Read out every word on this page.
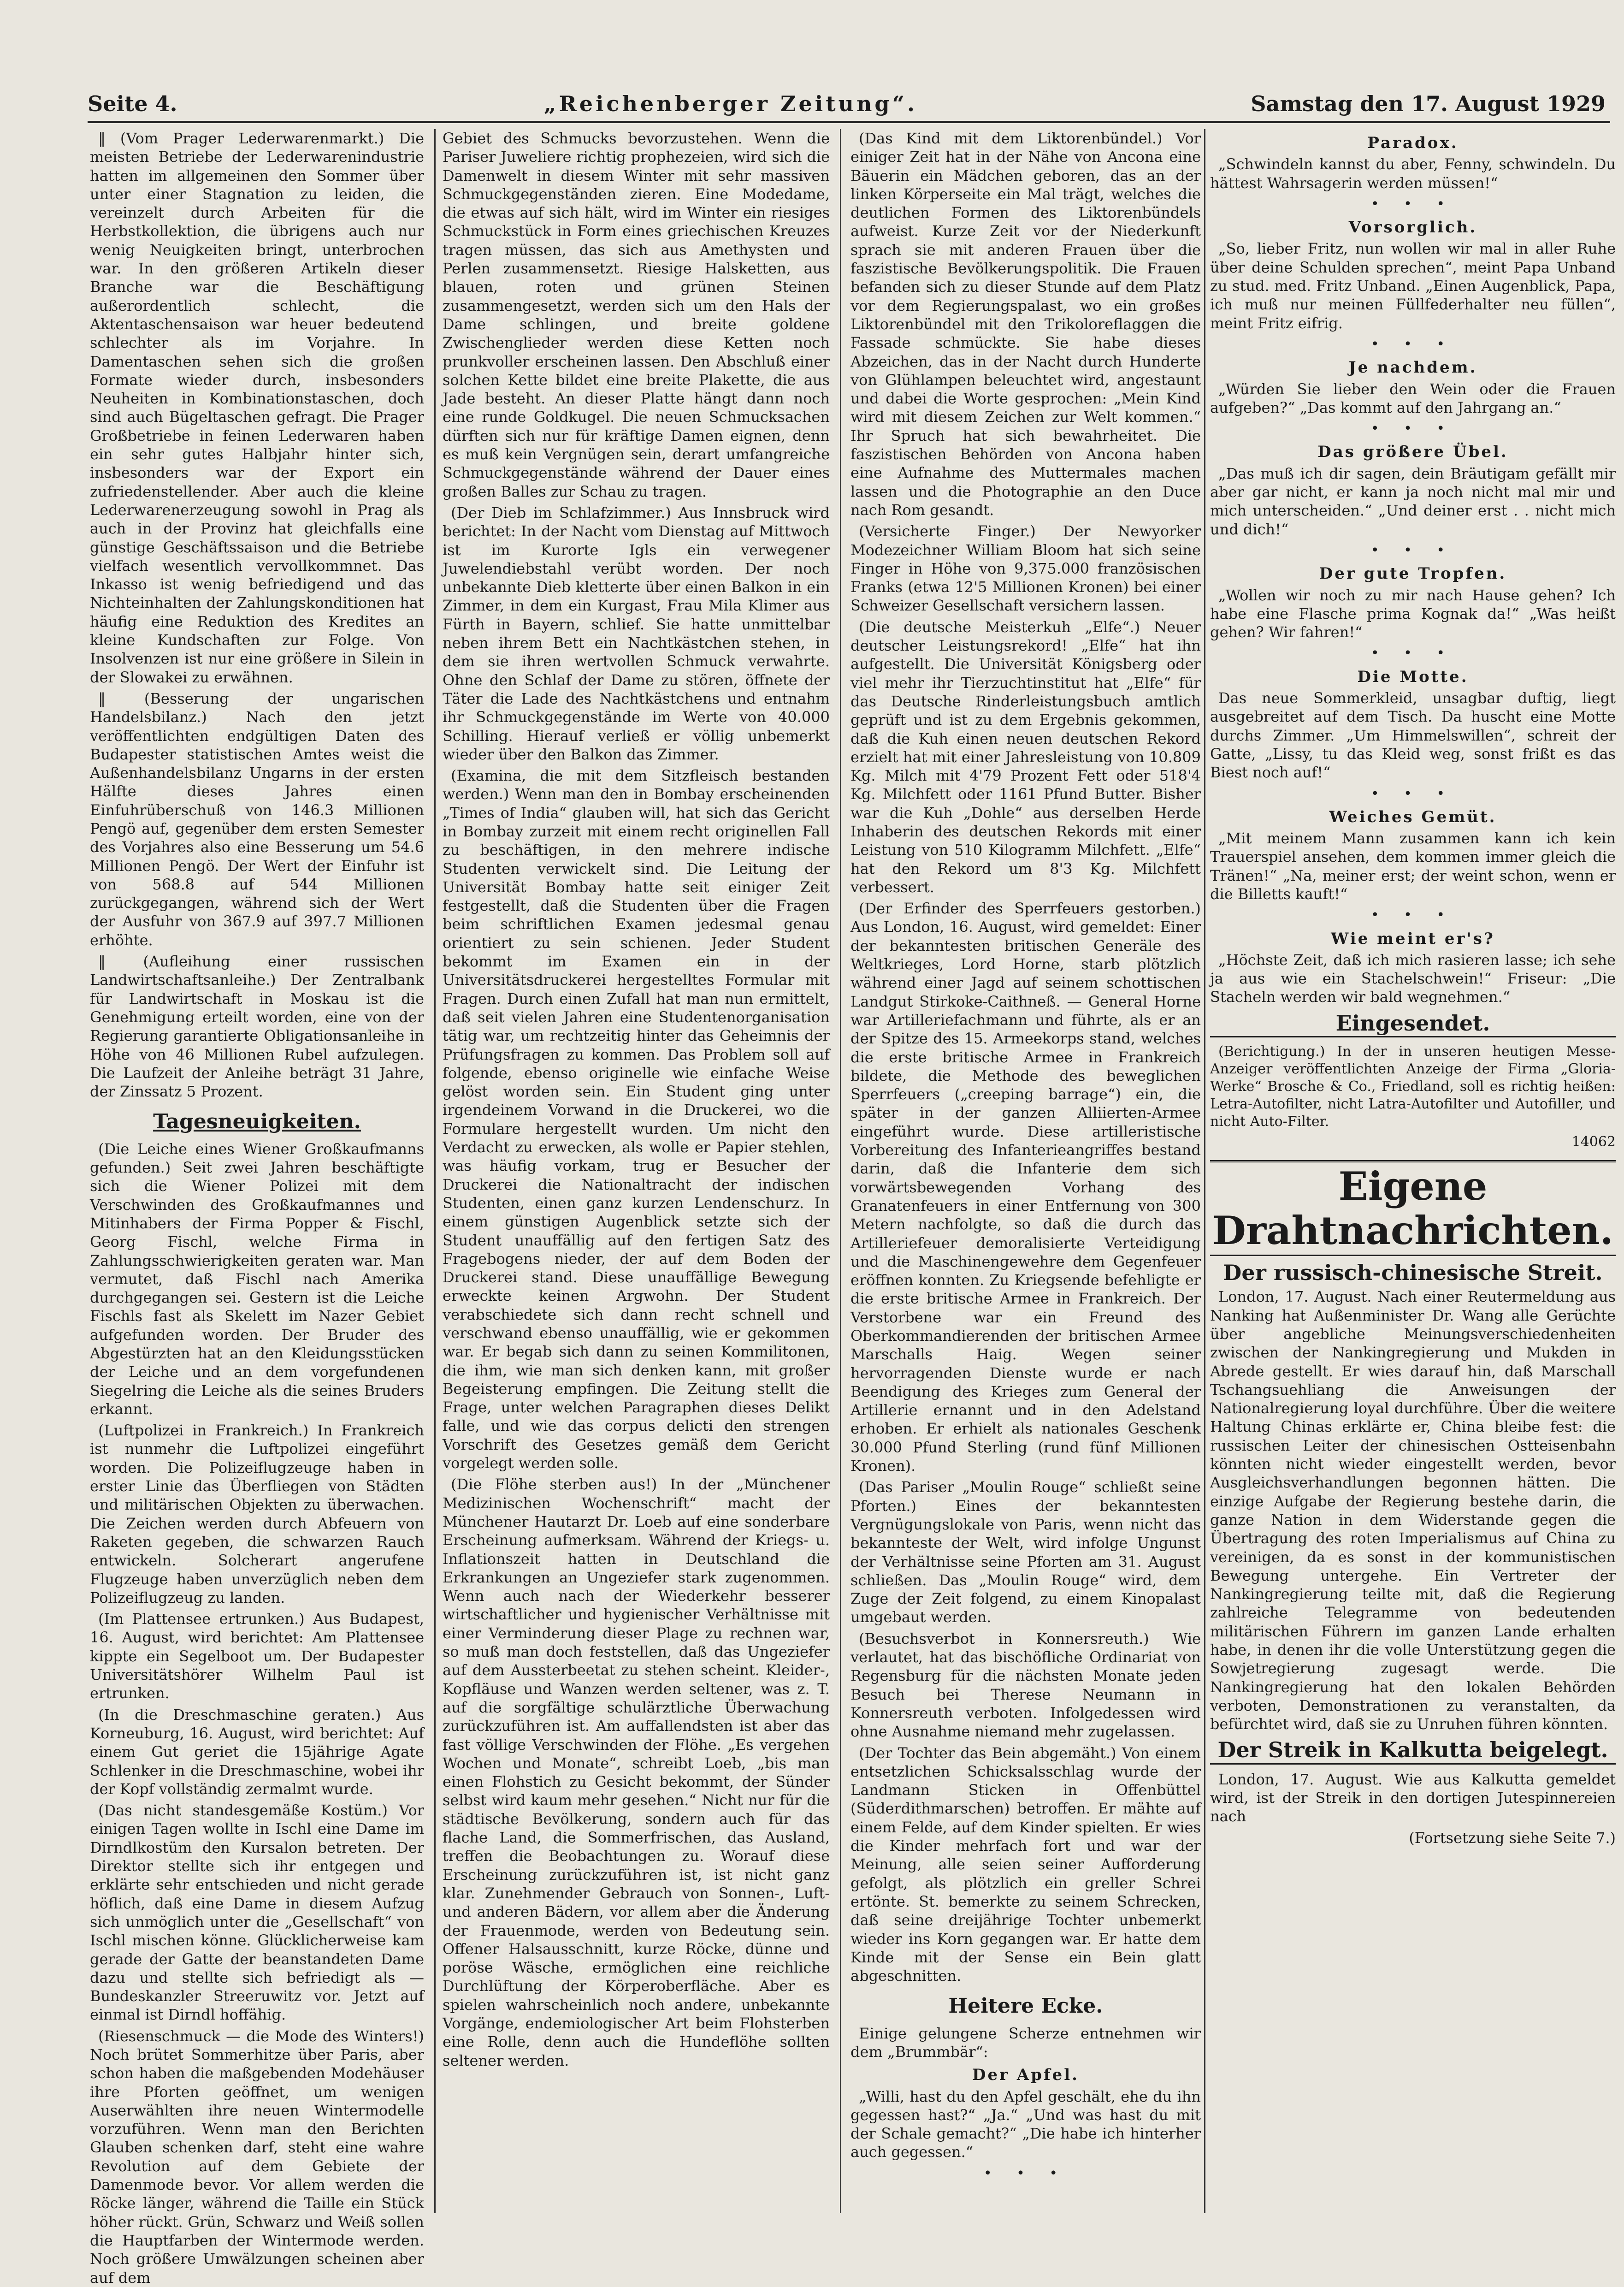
Seite 4.	„Reichenberger Zeitung“.	Samstag den 17. August 1929

‖ (Vom Prager Lederwarenmarkt.) Die meisten Betriebe der Lederwarenindustrie hatten im allgemeinen den Sommer über unter einer Stagnation zu leiden, die vereinzelt durch Arbeiten für die Herbstkollektion, die übrigens auch nur wenig Neuigkeiten bringt, unterbrochen war. In den größeren Artikeln dieser Branche war die Beschäftigung außerordentlich schlecht, die Aktentaschensaison war heuer bedeutend schlechter als im Vorjahre. In Damentaschen sehen sich die großen Formate wieder durch, insbesonders Neuheiten in Kombinationstaschen, doch sind auch Bügeltaschen gefragt. Die Prager Großbetriebe in feinen Lederwaren haben ein sehr gutes Halbjahr hinter sich, insbesonders war der Export ein zufriedenstellender. Aber auch die kleine Lederwarenerzeugung sowohl in Prag als auch in der Provinz hat gleichfalls eine günstige Geschäftssaison und die Betriebe vielfach wesentlich vervollkommnet. Das Inkasso ist wenig befriedigend und das Nichteinhalten der Zahlungskonditionen hat häufig eine Reduktion des Kredites an kleine Kundschaften zur Folge. Von Insolvenzen ist nur eine größere in Silein in der Slowakei zu erwähnen.

‖ (Besserung der ungarischen Handelsbilanz.) Nach den jetzt veröffentlichten endgültigen Daten des Budapester statistischen Amtes weist die Außenhandelsbilanz Ungarns in der ersten Hälfte dieses Jahres einen Einfuhrüberschuß von 146.3 Millionen Pengö auf, gegenüber dem ersten Semester des Vorjahres also eine Besserung um 54.6 Millionen Pengö. Der Wert der Einfuhr ist von 568.8 auf 544 Millionen zurückgegangen, während sich der Wert der Ausfuhr von 367.9 auf 397.7 Millionen erhöhte.

‖ (Aufleihung einer russischen Landwirtschaftsanleihe.) Der Zentralbank für Landwirtschaft in Moskau ist die Genehmigung erteilt worden, eine von der Regierung garantierte Obligationsanleihe in Höhe von 46 Millionen Rubel aufzulegen. Die Laufzeit der Anleihe beträgt 31 Jahre, der Zinssatz 5 Prozent.

Tagesneuigkeiten.

(Die Leiche eines Wiener Großkaufmanns gefunden.) Seit zwei Jahren beschäftigte sich die Wiener Polizei mit dem Verschwinden des Großkaufmannes und Mitinhabers der Firma Popper & Fischl, Georg Fischl, welche Firma in Zahlungsschwierigkeiten geraten war. Man vermutet, daß Fischl nach Amerika durchgegangen sei. Gestern ist die Leiche Fischls fast als Skelett im Nazer Gebiet aufgefunden worden. Der Bruder des Abgestürzten hat an den Kleidungsstücken der Leiche und an dem vorgefundenen Siegelring die Leiche als die seines Bruders erkannt.

(Luftpolizei in Frankreich.) In Frankreich ist nunmehr die Luftpolizei eingeführt worden. Die Polizeiflugzeuge haben in erster Linie das Überfliegen von Städten und militärischen Objekten zu überwachen. Die Zeichen werden durch Abfeuern von Raketen gegeben, die schwarzen Rauch entwickeln. Solcherart angerufene Flugzeuge haben unverzüglich neben dem Polizeiflugzeug zu landen.

(Im Plattensee ertrunken.) Aus Budapest, 16. August, wird berichtet: Am Plattensee kippte ein Segelboot um. Der Budapester Universitätshörer Wilhelm Paul ist ertrunken.

(In die Dreschmaschine geraten.) Aus Korneuburg, 16. August, wird berichtet: Auf einem Gut geriet die 15jährige Agate Schlenker in die Dreschmaschine, wobei ihr der Kopf vollständig zermalmt wurde.

(Das nicht standesgemäße Kostüm.) Vor einigen Tagen wollte in Ischl eine Dame im Dirndlkostüm den Kursalon betreten. Der Direktor stellte sich ihr entgegen und erklärte sehr entschieden und nicht gerade höflich, daß eine Dame in diesem Aufzug sich unmöglich unter die „Gesellschaft“ von Ischl mischen könne. Glücklicherweise kam gerade der Gatte der beanstandeten Dame dazu und stellte sich befriedigt als — Bundeskanzler Streeruwitz vor. Jetzt auf einmal ist Dirndl hoffähig.

(Riesenschmuck — die Mode des Winters!) Noch brütet Sommerhitze über Paris, aber schon haben die maßgebenden Modehäuser ihre Pforten geöffnet, um wenigen Auserwählten ihre neuen Wintermodelle vorzuführen. Wenn man den Berichten Glauben schenken darf, steht eine wahre Revolution auf dem Gebiete der Damenmode bevor. Vor allem werden die Röcke länger, während die Taille ein Stück höher rückt. Grün, Schwarz und Weiß sollen die Hauptfarben der Wintermode werden. Noch größere Umwälzungen scheinen aber auf dem

Gebiet des Schmucks bevorzustehen. Wenn die Pariser Juweliere richtig prophezeien, wird sich die Damenwelt in diesem Winter mit sehr massiven Schmuckgegenständen zieren. Eine Modedame, die etwas auf sich hält, wird im Winter ein riesiges Schmuckstück in Form eines griechischen Kreuzes tragen müssen, das sich aus Amethysten und Perlen zusammensetzt. Riesige Halsketten, aus blauen, roten und grünen Steinen zusammengesetzt, werden sich um den Hals der Dame schlingen, und breite goldene Zwischenglieder werden diese Ketten noch prunkvoller erscheinen lassen. Den Abschluß einer solchen Kette bildet eine breite Plakette, die aus Jade besteht. An dieser Platte hängt dann noch eine runde Goldkugel. Die neuen Schmucksachen dürften sich nur für kräftige Damen eignen, denn es muß kein Vergnügen sein, derart umfangreiche Schmuckgegenstände während der Dauer eines großen Balles zur Schau zu tragen.

(Der Dieb im Schlafzimmer.) Aus Innsbruck wird berichtet: In der Nacht vom Dienstag auf Mittwoch ist im Kurorte Igls ein verwegener Juwelendiebstahl verübt worden. Der noch unbekannte Dieb kletterte über einen Balkon in ein Zimmer, in dem ein Kurgast, Frau Mila Klimer aus Fürth in Bayern, schlief. Sie hatte unmittelbar neben ihrem Bett ein Nachtkästchen stehen, in dem sie ihren wertvollen Schmuck verwahrte. Ohne den Schlaf der Dame zu stören, öffnete der Täter die Lade des Nachtkästchens und entnahm ihr Schmuckgegenstände im Werte von 40.000 Schilling. Hierauf verließ er völlig unbemerkt wieder über den Balkon das Zimmer.

(Examina, die mit dem Sitzfleisch bestanden werden.) Wenn man den in Bombay erscheinenden „Times of India“ glauben will, hat sich das Gericht in Bombay zurzeit mit einem recht originellen Fall zu beschäftigen, in den mehrere indische Studenten verwickelt sind. Die Leitung der Universität Bombay hatte seit einiger Zeit festgestellt, daß die Studenten über die Fragen beim schriftlichen Examen jedesmal genau orientiert zu sein schienen. Jeder Student bekommt im Examen ein in der Universitätsdruckerei hergestelltes Formular mit Fragen. Durch einen Zufall hat man nun ermittelt, daß seit vielen Jahren eine Studentenorganisation tätig war, um rechtzeitig hinter das Geheimnis der Prüfungsfragen zu kommen. Das Problem soll auf folgende, ebenso originelle wie einfache Weise gelöst worden sein. Ein Student ging unter irgendeinem Vorwand in die Druckerei, wo die Formulare hergestellt wurden. Um nicht den Verdacht zu erwecken, als wolle er Papier stehlen, was häufig vorkam, trug er Besucher der Druckerei die Nationaltracht der indischen Studenten, einen ganz kurzen Lendenschurz. In einem günstigen Augenblick setzte sich der Student unauffällig auf den fertigen Satz des Fragebogens nieder, der auf dem Boden der Druckerei stand. Diese unauffällige Bewegung erweckte keinen Argwohn. Der Student verabschiedete sich dann recht schnell und verschwand ebenso unauffällig, wie er gekommen war. Er begab sich dann zu seinen Kommilitonen, die ihm, wie man sich denken kann, mit großer Begeisterung empfingen. Die Zeitung stellt die Frage, unter welchen Paragraphen dieses Delikt falle, und wie das corpus delicti den strengen Vorschrift des Gesetzes gemäß dem Gericht vorgelegt werden solle.

(Die Flöhe sterben aus!) In der „Münchener Medizinischen Wochenschrift“ macht der Münchener Hautarzt Dr. Loeb auf eine sonderbare Erscheinung aufmerksam. Während der Kriegs- u. Inflationszeit hatten in Deutschland die Erkrankungen an Ungeziefer stark zugenommen. Wenn auch nach der Wiederkehr besserer wirtschaftlicher und hygienischer Verhältnisse mit einer Verminderung dieser Plage zu rechnen war, so muß man doch feststellen, daß das Ungeziefer auf dem Aussterbeetat zu stehen scheint. Kleider-, Kopfläuse und Wanzen werden seltener, was z. T. auf die sorgfältige schulärztliche Überwachung zurückzuführen ist. Am auffallendsten ist aber das fast völlige Verschwinden der Flöhe. „Es vergehen Wochen und Monate“, schreibt Loeb, „bis man einen Flohstich zu Gesicht bekommt, der Sünder selbst wird kaum mehr gesehen.“ Nicht nur für die städtische Bevölkerung, sondern auch für das flache Land, die Sommerfrischen, das Ausland, treffen die Beobachtungen zu. Worauf diese Erscheinung zurückzuführen ist, ist nicht ganz klar. Zunehmender Gebrauch von Sonnen-, Luft- und anderen Bädern, vor allem aber die Änderung der Frauenmode, werden von Bedeutung sein. Offener Halsausschnitt, kurze Röcke, dünne und poröse Wäsche, ermöglichen eine reichliche Durchlüftung der Körperoberfläche. Aber es spielen wahrscheinlich noch andere, unbekannte Vorgänge, endemiologischer Art beim Flohsterben eine Rolle, denn auch die Hundeflöhe sollten seltener werden.

(Das Kind mit dem Liktorenbündel.) Vor einiger Zeit hat in der Nähe von Ancona eine Bäuerin ein Mädchen geboren, das an der linken Körperseite ein Mal trägt, welches die deutlichen Formen des Liktorenbündels aufweist. Kurze Zeit vor der Niederkunft sprach sie mit anderen Frauen über die faszistische Bevölkerungspolitik. Die Frauen befanden sich zu dieser Stunde auf dem Platz vor dem Regierungspalast, wo ein großes Liktorenbündel mit den Trikoloreflaggen die Fassade schmückte. Sie habe dieses Abzeichen, das in der Nacht durch Hunderte von Glühlampen beleuchtet wird, angestaunt und dabei die Worte gesprochen: „Mein Kind wird mit diesem Zeichen zur Welt kommen.“ Ihr Spruch hat sich bewahrheitet. Die faszistischen Behörden von Ancona haben eine Aufnahme des Muttermales machen lassen und die Photographie an den Duce nach Rom gesandt.

(Versicherte Finger.) Der Newyorker Modezeichner William Bloom hat sich seine Finger in Höhe von 9,375.000 französischen Franks (etwa 12'5 Millionen Kronen) bei einer Schweizer Gesellschaft versichern lassen.

(Die deutsche Meisterkuh „Elfe“.) Neuer deutscher Leistungsrekord! „Elfe“ hat ihn aufgestellt. Die Universität Königsberg oder viel mehr ihr Tierzuchtinstitut hat „Elfe“ für das Deutsche Rinderleistungsbuch amtlich geprüft und ist zu dem Ergebnis gekommen, daß die Kuh einen neuen deutschen Rekord erzielt hat mit einer Jahresleistung von 10.809 Kg. Milch mit 4'79 Prozent Fett oder 518'4 Kg. Milchfett oder 1161 Pfund Butter. Bisher war die Kuh „Dohle“ aus derselben Herde Inhaberin des deutschen Rekords mit einer Leistung von 510 Kilogramm Milchfett. „Elfe“ hat den Rekord um 8'3 Kg. Milchfett verbessert.

(Der Erfinder des Sperrfeuers gestorben.) Aus London, 16. August, wird gemeldet: Einer der bekanntesten britischen Generäle des Weltkrieges, Lord Horne, starb plötzlich während einer Jagd auf seinem schottischen Landgut Stirkoke-Caithneß. — General Horne war Artilleriefachmann und führte, als er an der Spitze des 15. Armeekorps stand, welches die erste britische Armee in Frankreich bildete, die Methode des beweglichen Sperrfeuers („creeping barrage“) ein, die später in der ganzen Alliierten-Armee eingeführt wurde. Diese artilleristische Vorbereitung des Infanterieangriffes bestand darin, daß die Infanterie dem sich vorwärtsbewegenden Vorhang des Granatenfeuers in einer Entfernung von 300 Metern nachfolgte, so daß die durch das Artilleriefeuer demoralisierte Verteidigung und die Maschinengewehre dem Gegenfeuer eröffnen konnten. Zu Kriegsende befehligte er die erste britische Armee in Frankreich. Der Verstorbene war ein Freund des Oberkommandierenden der britischen Armee Marschalls Haig. Wegen seiner hervorragenden Dienste wurde er nach Beendigung des Krieges zum General der Artillerie ernannt und in den Adelstand erhoben. Er erhielt als nationales Geschenk 30.000 Pfund Sterling (rund fünf Millionen Kronen).

(Das Pariser „Moulin Rouge“ schließt seine Pforten.) Eines der bekanntesten Vergnügungslokale von Paris, wenn nicht das bekannteste der Welt, wird infolge Ungunst der Verhältnisse seine Pforten am 31. August schließen. Das „Moulin Rouge“ wird, dem Zuge der Zeit folgend, zu einem Kinopalast umgebaut werden.

(Besuchsverbot in Konnersreuth.) Wie verlautet, hat das bischöfliche Ordinariat von Regensburg für die nächsten Monate jeden Besuch bei Therese Neumann in Konnersreuth verboten. Infolgedessen wird ohne Ausnahme niemand mehr zugelassen.

(Der Tochter das Bein abgemäht.) Von einem entsetzlichen Schicksalsschlag wurde der Landmann Sticken in Offenbüttel (Süderdithmarschen) betroffen. Er mähte auf einem Felde, auf dem Kinder spielten. Er wies die Kinder mehrfach fort und war der Meinung, alle seien seiner Aufforderung gefolgt, als plötzlich ein greller Schrei ertönte. St. bemerkte zu seinem Schrecken, daß seine dreijährige Tochter unbemerkt wieder ins Korn gegangen war. Er hatte dem Kinde mit der Sense ein Bein glatt abgeschnitten.

Heitere Ecke.

Einige gelungene Scherze entnehmen wir dem „Brummbär“:

Der Apfel.

„Willi, hast du den Apfel geschält, ehe du ihn gegessen hast?“ „Ja.“ „Und was hast du mit der Schale gemacht?“ „Die habe ich hinterher auch gegessen.“

• • •
Paradox.

„Schwindeln kannst du aber, Fenny, schwindeln. Du hättest Wahrsagerin werden müssen!“

• • •
Vorsorglich.

„So, lieber Fritz, nun wollen wir mal in aller Ruhe über deine Schulden sprechen“, meint Papa Unband zu stud. med. Fritz Unband. „Einen Augenblick, Papa, ich muß nur meinen Füllfederhalter neu füllen“, meint Fritz eifrig.

• • •
Je nachdem.

„Würden Sie lieber den Wein oder die Frauen aufgeben?“ „Das kommt auf den Jahrgang an.“

• • •
Das größere Übel.

„Das muß ich dir sagen, dein Bräutigam gefällt mir aber gar nicht, er kann ja noch nicht mal mir und mich unterscheiden.“ „Und deiner erst . . nicht mich und dich!“

• • •
Der gute Tropfen.

„Wollen wir noch zu mir nach Hause gehen? Ich habe eine Flasche prima Kognak da!“ „Was heißt gehen? Wir fahren!“

• • •
Die Motte.

Das neue Sommerkleid, unsagbar duftig, liegt ausgebreitet auf dem Tisch. Da huscht eine Motte durchs Zimmer. „Um Himmelswillen“, schreit der Gatte, „Lissy, tu das Kleid weg, sonst frißt es das Biest noch auf!“

• • •
Weiches Gemüt.

„Mit meinem Mann zusammen kann ich kein Trauerspiel ansehen, dem kommen immer gleich die Tränen!“ „Na, meiner erst; der weint schon, wenn er die Billetts kauft!“

• • •
Wie meint er's?

„Höchste Zeit, daß ich mich rasieren lasse; ich sehe ja aus wie ein Stachelschwein!“ Friseur: „Die Stacheln werden wir bald wegnehmen.“

Eingesendet.

(Berichtigung.) In der in unseren heutigen Messe-Anzeiger veröffentlichten Anzeige der Firma „Gloria-Werke“ Brosche & Co., Friedland, soll es richtig heißen: Letra-Autofilter, nicht Latra-Autofilter und Autofiller, und nicht Auto-Filter.

14062
Eigene Drahtnachrichten.
Der russisch-chinesische Streit.

London, 17. August. Nach einer Reutermeldung aus Nanking hat Außenminister Dr. Wang alle Gerüchte über angebliche Meinungsverschiedenheiten zwischen der Nankingregierung und Mukden in Abrede gestellt. Er wies darauf hin, daß Marschall Tschangsuehliang die Anweisungen der Nationalregierung loyal durchführe. Über die weitere Haltung Chinas erklärte er, China bleibe fest: die russischen Leiter der chinesischen Ostteisenbahn könnten nicht wieder eingestellt werden, bevor Ausgleichsverhandlungen begonnen hätten. Die einzige Aufgabe der Regierung bestehe darin, die ganze Nation in dem Widerstande gegen die Übertragung des roten Imperialismus auf China zu vereinigen, da es sonst in der kommunistischen Bewegung untergehe. Ein Vertreter der Nankingregierung teilte mit, daß die Regierung zahlreiche Telegramme von bedeutenden militärischen Führern im ganzen Lande erhalten habe, in denen ihr die volle Unterstützung gegen die Sowjetregierung zugesagt werde. Die Nankingregierung hat den lokalen Behörden verboten, Demonstrationen zu veranstalten, da befürchtet wird, daß sie zu Unruhen führen könnten.

Der Streik in Kalkutta beigelegt.

London, 17. August. Wie aus Kalkutta gemeldet wird, ist der Streik in den dortigen Jutespinnereien nach

(Fortsetzung siehe Seite 7.)
